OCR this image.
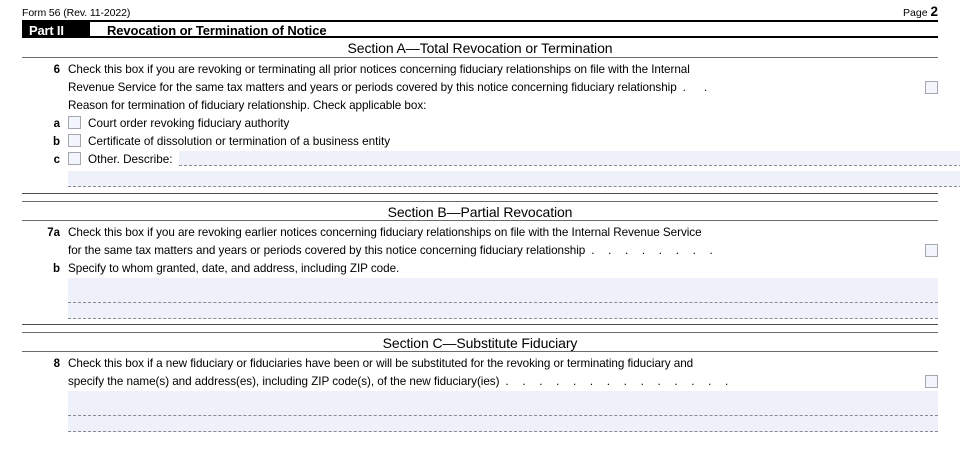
Form 56 (Rev. 11-2022)	Page 2
Part II	Revocation or Termination of Notice
Section A—Total Revocation or Termination
6 Check this box if you are revoking or terminating all prior notices concerning fiduciary relationships on file with the Internal
Revenue Service for the same tax matters and years or periods covered by this notice concerning fiduciary relationship . .
Reason for termination of fiduciary relationship. Check applicable box:
a	Court order revoking fiduciary authority
b	Certificate of dissolution or termination of a business entity
c	Other. Describe:
Section B—Partial Revocation
7a Check this box if you are revoking earlier notices concerning fiduciary relationships on file with the Internal Revenue Service
for the same tax matters and years or periods covered by this notice concerning fiduciary relationship . . . . . . . .
b Specify to whom granted, date, and address, including ZIP code.
Section C—Substitute Fiduciary
8 Check this box if a new fiduciary or fiduciaries have been or will be substituted for the revoking or terminating fiduciary and
specify the name(s) and address(es), including ZIP code(s), of the new fiduciary(ies) . . . . . . . . . . . . . .
